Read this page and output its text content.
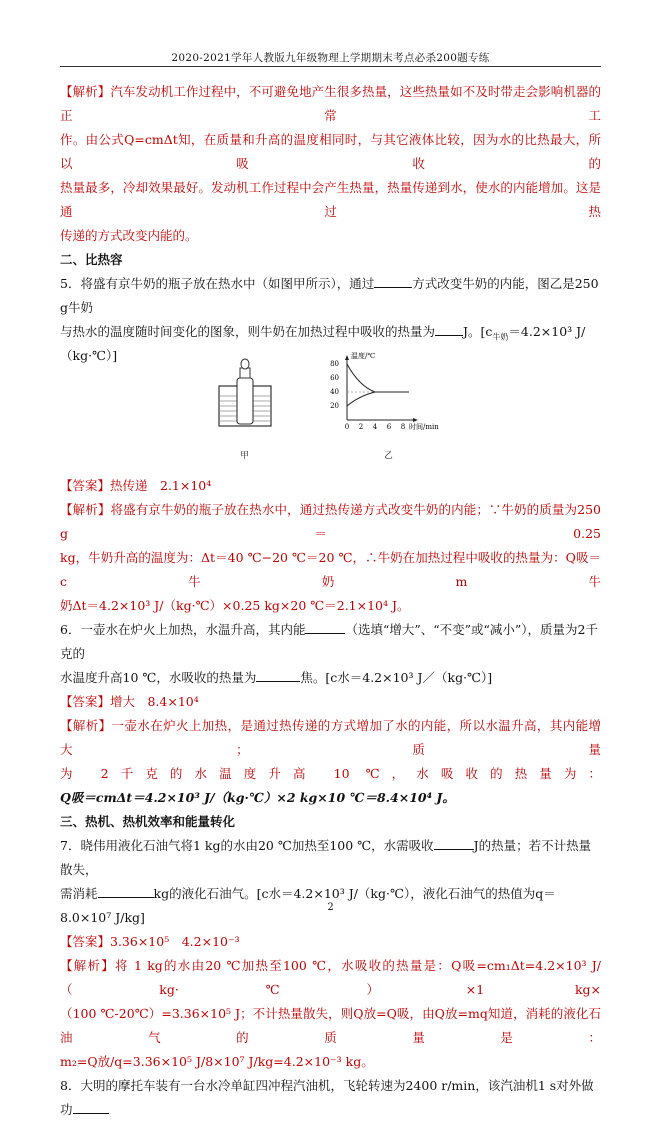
2020-2021学年人教版九年级物理上学期期末考点必杀200题专练

【解析】汽车发动机工作过程中，不可避免地产生很多热量，这些热量如不及时带走会影响机器的正常工

作。由公式Q=cmΔt知，在质量和升高的温度相同时，与其它液体比较，因为水的比热最大，所以吸收的

热量最多，冷却效果最好。发动机工作过程中会产生热量，热量传递到水，使水的内能增加。这是通过热

传递的方式改变内能的。

二、比热容

5．将盛有京牛奶的瓶子放在热水中（如图甲所示），通过	方式改变牛奶的内能，图乙是250 g牛奶

与热水的温度随时间变化的图象，则牛奶在加热过程中吸收的热量为 J。[$c_{牛奶}=4.2\times 10^3$ J/（kg·℃）]

甲
80
60
40
20
0 2 4 6 8
温度/℃
时间/min
乙

【答案】热传递　2.1×10⁴

【解析】将盛有京牛奶的瓶子放在热水中，通过热传递方式改变牛奶的内能；∵牛奶的质量为250 g＝0.25

kg，牛奶升高的温度为：Δt＝40 ℃−20 ℃＝20 ℃，∴牛奶在加热过程中吸收的热量为：Q吸＝c牛奶m牛

奶Δt＝4.2×10³ J/（kg·℃）×0.25 kg×20 ℃＝2.1×10⁴ J。

6．一壶水在炉火上加热，水温升高，其内能	（选填“增大”、“不变”或“减小”），质量为2千克的

水温度升高10 ℃，水吸收的热量为	焦。[c水＝4.2×10³ J／（kg·℃）]

【答案】增大　8.4×10⁴

【解析】一壶水在炉火上加热，是通过热传递的方式增加了水的内能，所以水温升高，其内能增大；质量

为 2千克的水温度升高 10 ℃，水吸收的热量为：

Q吸＝cmΔt＝4.2×10³ J/（kg·℃）×2 kg×10 ℃＝8.4×10⁴ J。

三、热机、热机效率和能量转化

7．晓伟用液化石油气将1 kg的水由20 ℃加热至100 ℃，水需吸收	J的热量；若不计热量散失，

需消耗	kg的液化石油气。[c水＝4.2×10³ J/（kg·℃），液化石油气的热值为q＝8.0×10⁷ J/kg]

【答案】3.36×10⁵　4.2×10⁻³

【解析】将 1 kg的水由20 ℃加热至100 ℃，水吸收的热量是：Q吸=cm₁Δt=4.2×10³ J/（kg·℃）×1 kg×

（100 ℃-20℃）=3.36×10⁵ J；不计热量散失，则Q放=Q吸，由Q放=mq知道，消耗的液化石油气的质量是：

m₂=Q放/q=3.36×10⁵ J/8×10⁷ J/kg=4.2×10⁻³ kg。

8．大明的摩托车装有一台水冷单缸四冲程汽油机，飞轮转速为2400 r/min，该汽油机1 s对外做功

2
